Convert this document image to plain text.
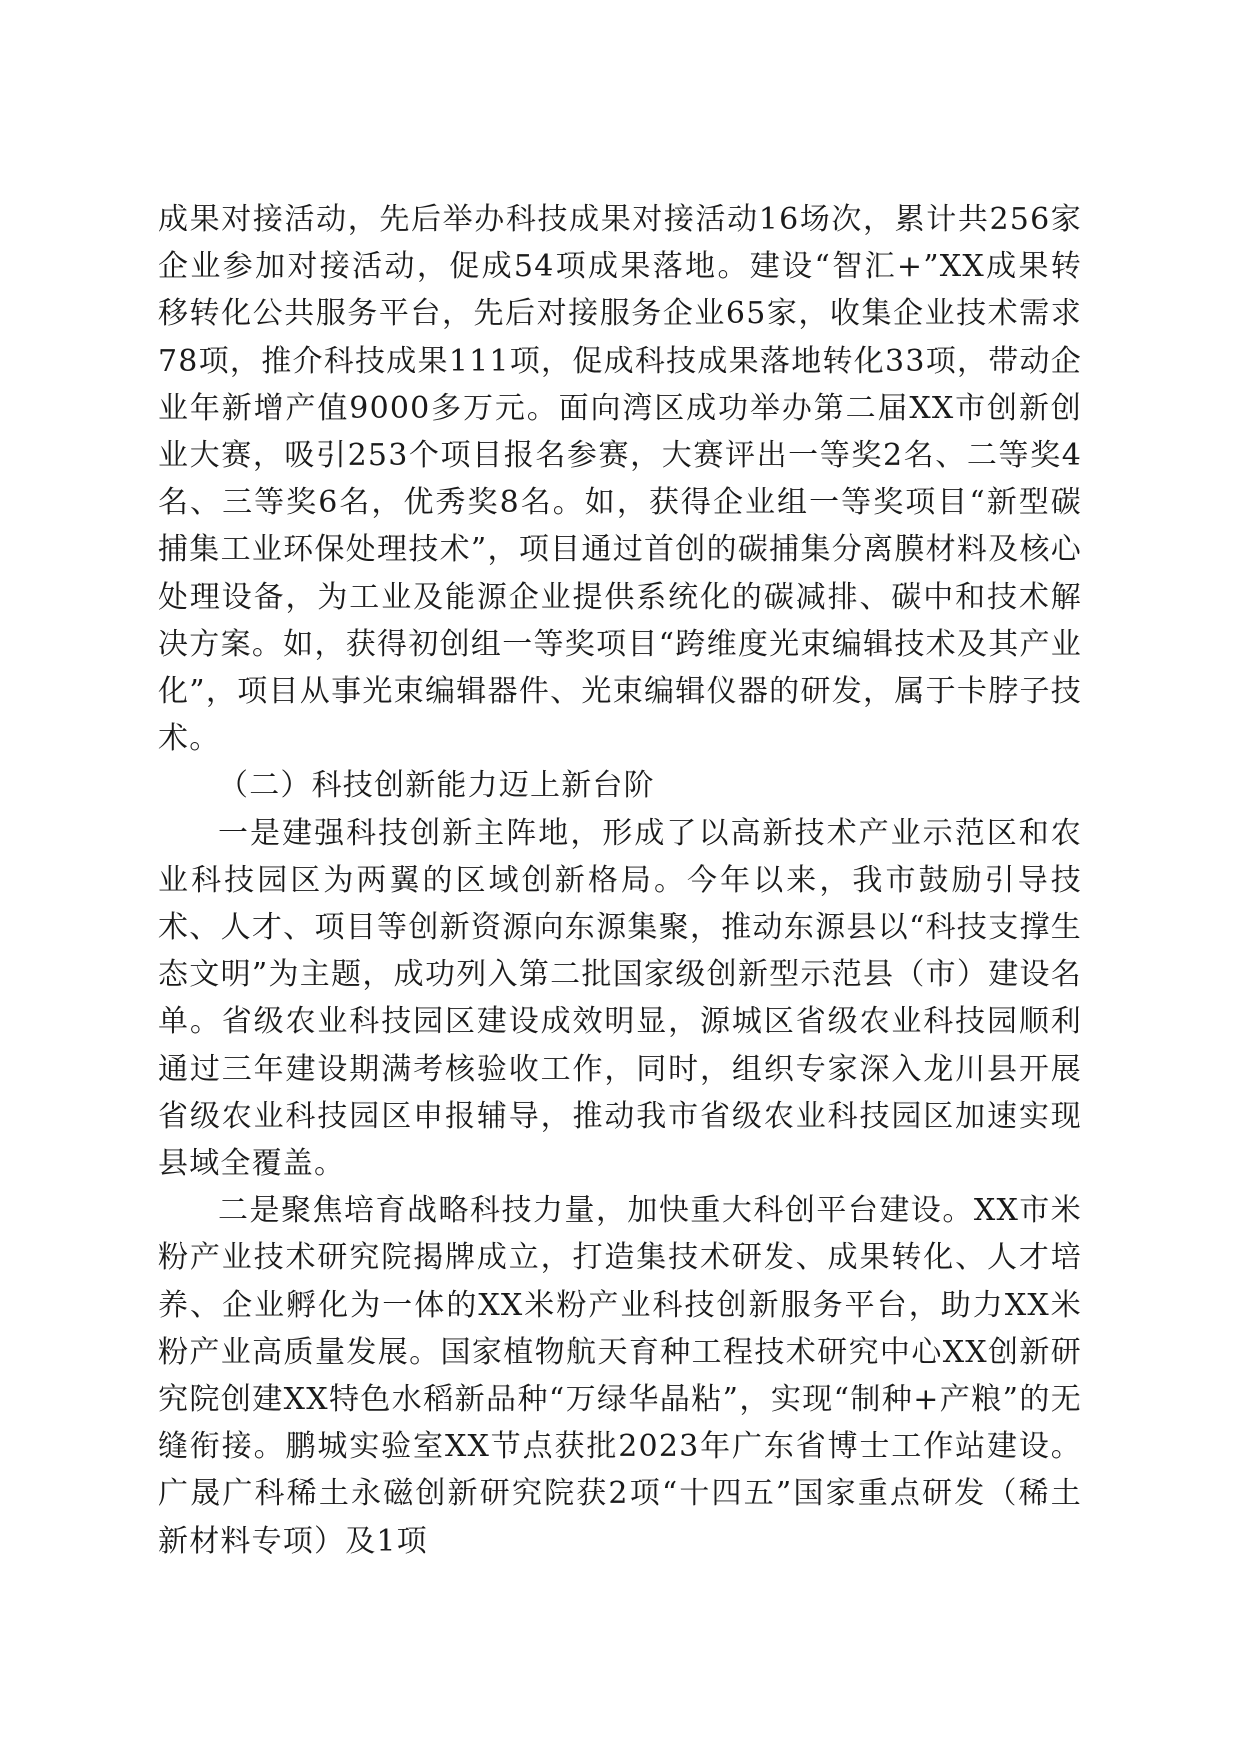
成果对接活动，先后举办科技成果对接活动16场次，累计共256家企业参加对接活动，促成54项成果落地。建设“智汇+”XX成果转移转化公共服务平台，先后对接服务企业65家，收集企业技术需求78项，推介科技成果111项，促成科技成果落地转化33项，带动企业年新增产值9000多万元。面向湾区成功举办第二届XX市创新创业大赛，吸引253个项目报名参赛，大赛评出一等奖2名、二等奖4名、三等奖6名，优秀奖8名。如，获得企业组一等奖项目“新型碳捕集工业环保处理技术”，项目通过首创的碳捕集分离膜材料及核心处理设备，为工业及能源企业提供系统化的碳减排、碳中和技术解决方案。如，获得初创组一等奖项目“跨维度光束编辑技术及其产业化”，项目从事光束编辑器件、光束编辑仪器的研发，属于卡脖子技术。

（二）科技创新能力迈上新台阶

一是建强科技创新主阵地，形成了以高新技术产业示范区和农业科技园区为两翼的区域创新格局。今年以来，我市鼓励引导技术、人才、项目等创新资源向东源集聚，推动东源县以“科技支撑生态文明”为主题，成功列入第二批国家级创新型示范县（市）建设名单。省级农业科技园区建设成效明显，源城区省级农业科技园顺利通过三年建设期满考核验收工作，同时，组织专家深入龙川县开展省级农业科技园区申报辅导，推动我市省级农业科技园区加速实现县域全覆盖。

二是聚焦培育战略科技力量，加快重大科创平台建设。XX市米粉产业技术研究院揭牌成立，打造集技术研发、成果转化、人才培养、企业孵化为一体的XX米粉产业科技创新服务平台，助力XX米粉产业高质量发展。国家植物航天育种工程技术研究中心XX创新研究院创建XX特色水稻新品种“万绿华晶粘”，实现“制种+产粮”的无缝衔接。鹏城实验室XX节点获批2023年广东省博士工作站建设。广晟广科稀土永磁创新研究院获2项“十四五”国家重点研发（稀土新材料专项）及1项
